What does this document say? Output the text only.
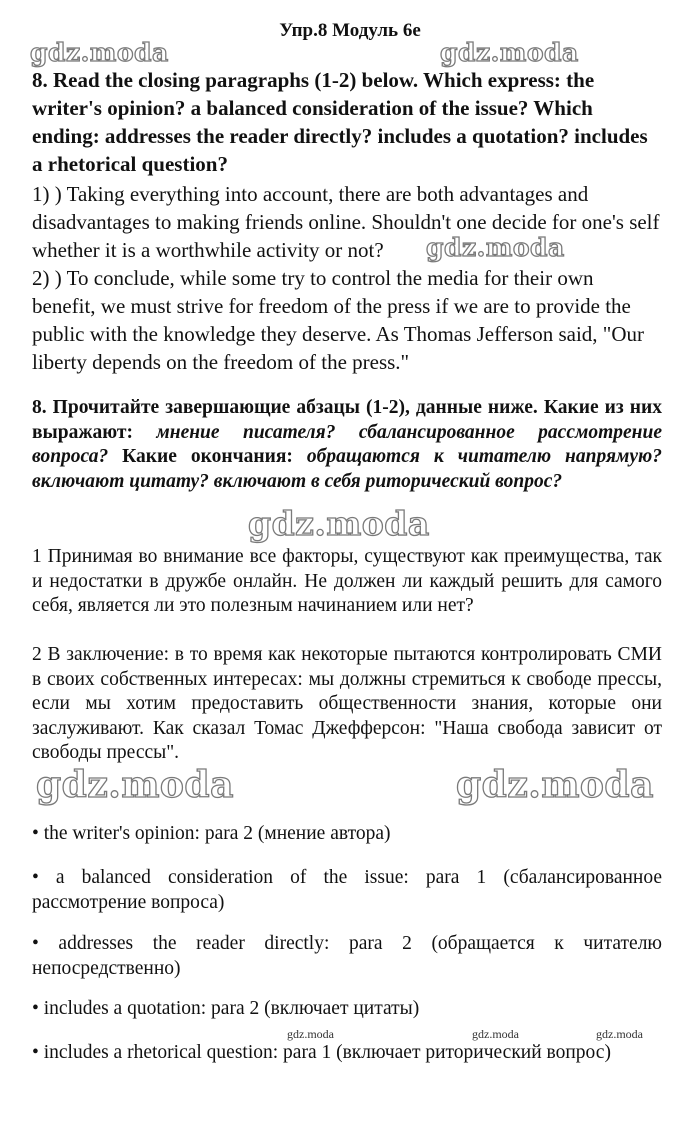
gdz.moda	gdz.moda
gdz.moda
gdz.moda
gdz.moda	gdz.moda
gdz.moda	gdz.moda	gdz.moda
Упр.8 Модуль 6е

8. Read the closing paragraphs (1-2) below. Which express: the writer's opinion? a balanced consideration of the issue? Which ending: addresses the reader directly? includes a quotation? includes a rhetorical question?

1) ) Taking everything into account, there are both advantages and disadvantages to making friends online. Shouldn't one decide for one's self whether it is a worthwhile activity or not?

2) ) To conclude, while some try to control the media for their own benefit, we must strive for freedom of the press if we are to provide the public with the knowledge they deserve. As Thomas Jefferson said, "Our liberty depends on the freedom of the press."

8. Прочитайте завершающие абзацы (1-2), данные ниже. Какие из них выражают: мнение писателя? сбалансированное рассмотрение вопроса? Какие окончания: обращаются к читателю напрямую? включают цитату? включают в себя риторический вопрос?

1 Принимая во внимание все факторы, существуют как преимущества, так и недостатки в дружбе онлайн. Не должен ли каждый решить для самого себя, является ли это полезным начинанием или нет?

2 В заключение: в то время как некоторые пытаются контролировать СМИ в своих собственных интересах: мы должны стремиться к свободе прессы, если мы хотим предоставить общественности знания, которые они заслуживают. Как сказал Томас Джефферсон: "Наша свобода зависит от свободы прессы".

• the writer's opinion: para 2 (мнение автора)

• a balanced consideration of the issue: para 1 (сбалансированное рассмотрение вопроса)

• addresses the reader directly: para 2 (обращается к читателю непосредственно)

• includes a quotation: para 2 (включает цитаты)

• includes a rhetorical question: para 1 (включает риторический вопрос)
